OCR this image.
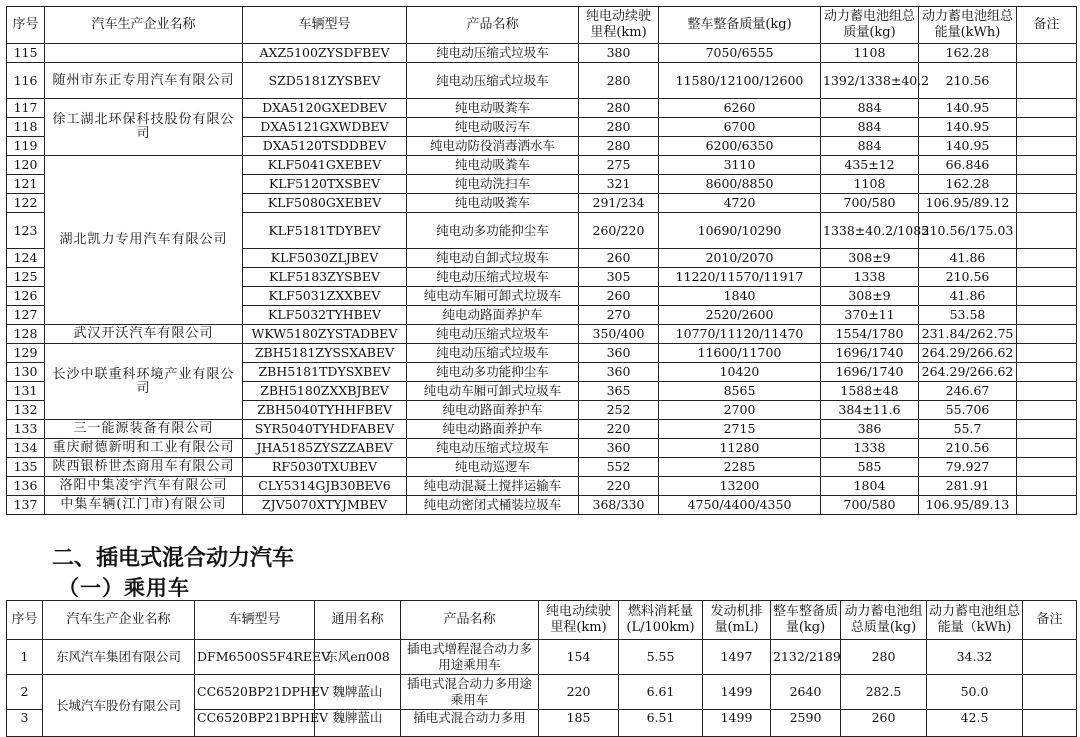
序号	汽车生产企业名称	车辆型号	产品名称	纯电动续驶里程(km)	整车整备质量(kg)	动力蓄电池组总质量(kg)	动力蓄电池组总能量(kWh)	备注
115		AXZ5100ZYSDFBEV	纯电动压缩式垃圾车	380	7050/6555	1108	162.28	
116	随州市东正专用汽车有限公司	SZD5181ZYSBEV	纯电动压缩式垃圾车	280	11580/12100/12600	1392/1338±40.2	210.56	
117	徐工湖北环保科技股份有限公司	DXA5120GXEDBEV	纯电动吸粪车	280	6260	884	140.95	
118		DXA5121GXWDBEV	纯电动吸污车	280	6700	884	140.95	
119		DXA5120TSDDBEV	纯电动防役消毒洒水车	280	6200/6350	884	140.95	
120	湖北凯力专用汽车有限公司	KLF5041GXEBEV	纯电动吸粪车	275	3110	435±12	66.846	
121		KLF5120TXSBEV	纯电动洗扫车	321	8600/8850	1108	162.28	
122		KLF5080GXEBEV	纯电动吸粪车	291/234	4720	700/580	106.95/89.12	
123		KLF5181TDYBEV	纯电动多功能抑尘车	260/220	10690/10290	1338±40.2/1085	210.56/175.03	
124		KLF5030ZLJBEV	纯电动自卸式垃圾车	260	2010/2070	308±9	41.86	
125		KLF5183ZYSBEV	纯电动压缩式垃圾车	305	11220/11570/11917	1338	210.56	
126		KLF5031ZXXBEV	纯电动车厢可卸式垃圾车	260	1840	308±9	41.86	
127		KLF5032TYHBEV	纯电动路面养护车	270	2520/2600	370±11	53.58	
128	武汉开沃汽车有限公司	WKW5180ZYSTADBEV	纯电动压缩式垃圾车	350/400	10770/11120/11470	1554/1780	231.84/262.75	
129	长沙中联重科环境产业有限公司	ZBH5181ZYSSXABEV	纯电动压缩式垃圾车	360	11600/11700	1696/1740	264.29/266.62	
130		ZBH5181TDYSXBEV	纯电动多功能抑尘车	360	10420	1696/1740	264.29/266.62	
131		ZBH5180ZXXBJBEV	纯电动车厢可卸式垃圾车	365	8565	1588±48	246.67	
132		ZBH5040TYHHFBEV	纯电动路面养护车	252	2700	384±11.6	55.706	
133	三一能源装备有限公司	SYR5040TYHDFABEV	纯电动路面养护车	220	2715	386	55.7	
134	重庆耐德新明和工业有限公司	JHA5185ZYSZZABEV	纯电动压缩式垃圾车	360	11280	1338	210.56	
135	陕西银桥世杰商用车有限公司	RF5030TXUBEV	纯电动巡逻车	552	2285	585	79.927	
136	洛阳中集凌宇汽车有限公司	CLY5314GJB30BEV6	纯电动混凝土搅拌运输车	220	13200	1804	281.91	
137	中集车辆(江门市)有限公司	ZJV5070XTYJMBEV	纯电动密闭式桶装垃圾车	368/330	4750/4400/4350	700/580	106.95/89.13	
二、插电式混合动力汽车
（一）乘用车
序号	汽车生产企业名称	车辆型号	通用名称	产品名称	纯电动续驶里程(km)	燃料消耗量(L/100km)	发动机排量(mL)	整车整备质量(kg)	动力蓄电池组总质量(kg)	动力蓄电池组总能量（kWh)	备注
1	东风汽车集团有限公司	DFM6500S5F4REEV	东风eπ008	插电式增程混合动力多用途乘用车	154	5.55	1497	2132/2189	280	34.32	
2	长城汽车股份有限公司	CC6520BP21DPHEV	魏牌蓝山	插电式混合动力多用途乘用车	220	6.61	1499	2640	282.5	50.0	
3		CC6520BP21BPHEV	魏牌蓝山	插电式混合动力多用	185	6.51	1499	2590	260	42.5	
